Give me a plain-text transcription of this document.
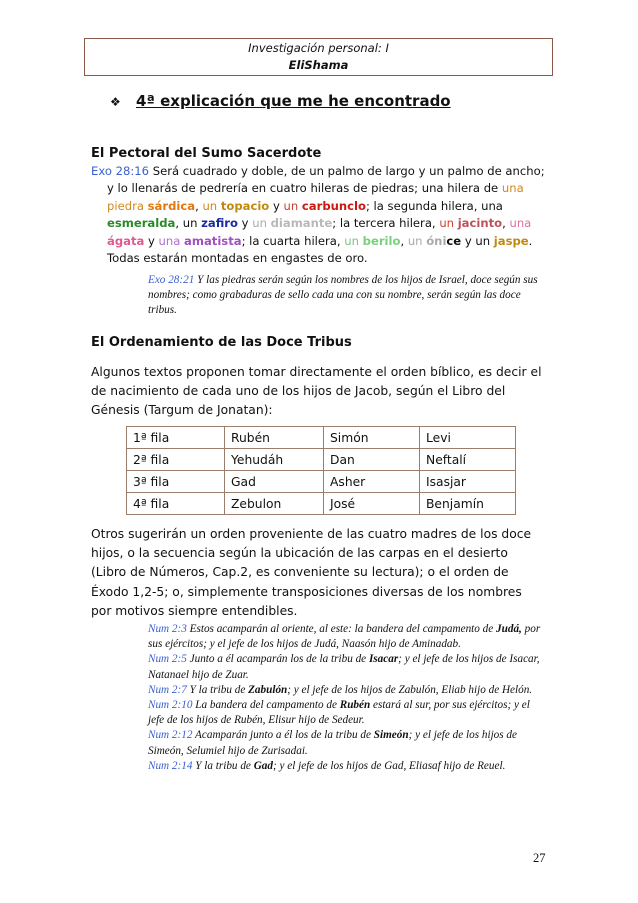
Investigación personal: I
EliShama
❖ 4ª explicación que me he encontrado
El Pectoral del Sumo Sacerdote
Exo 28:16 Será cuadrado y doble, de un palmo de largo y un palmo de ancho; y lo llenarás de pedrería en cuatro hileras de piedras; una hilera de una piedra sárdica, un topacio y un carbunclo; la segunda hilera, una esmeralda, un zafiro y un diamante; la tercera hilera, un jacinto, una ágata y una amatista; la cuarta hilera, un berilo, un ónice y un jaspe. Todas estarán montadas en engastes de oro.
Exo 28:21 Y las piedras serán según los nombres de los hijos de Israel, doce según sus nombres; como grabaduras de sello cada una con su nombre, serán según las doce tribus.
El Ordenamiento de las Doce Tribus
Algunos textos proponen tomar directamente el orden bíblico, es decir el de nacimiento de cada uno de los hijos de Jacob, según el Libro del Génesis (Targum de Jonatan):
1ª fila	Rubén	Simón	Levi
2ª fila	Yehudáh	Dan	Neftalí
3ª fila	Gad	Asher	Isasjar
4ª fila	Zebulon	José	Benjamín
Otros sugerirán un orden proveniente de las cuatro madres de los doce hijos, o la secuencia según la ubicación de las carpas en el desierto (Libro de Números, Cap.2, es conveniente su lectura); o el orden de Éxodo 1,2-5; o, simplemente transposiciones diversas de los nombres por motivos siempre entendibles.
Num 2:3 Estos acamparán al oriente, al este: la bandera del campamento de Judá, por sus ejércitos; y el jefe de los hijos de Judá, Naasón hijo de Aminadab.
Num 2:5 Junto a él acamparán los de la tribu de Isacar; y el jefe de los hijos de Isacar, Natanael hijo de Zuar.
Num 2:7 Y la tribu de Zabulón; y el jefe de los hijos de Zabulón, Eliab hijo de Helón.
Num 2:10 La bandera del campamento de Rubén estará al sur, por sus ejércitos; y el jefe de los hijos de Rubén, Elisur hijo de Sedeur.
Num 2:12 Acamparán junto a él los de la tribu de Simeón; y el jefe de los hijos de Simeón, Selumiel hijo de Zurisadai.
Num 2:14 Y la tribu de Gad; y el jefe de los hijos de Gad, Eliasaf hijo de Reuel.
27
